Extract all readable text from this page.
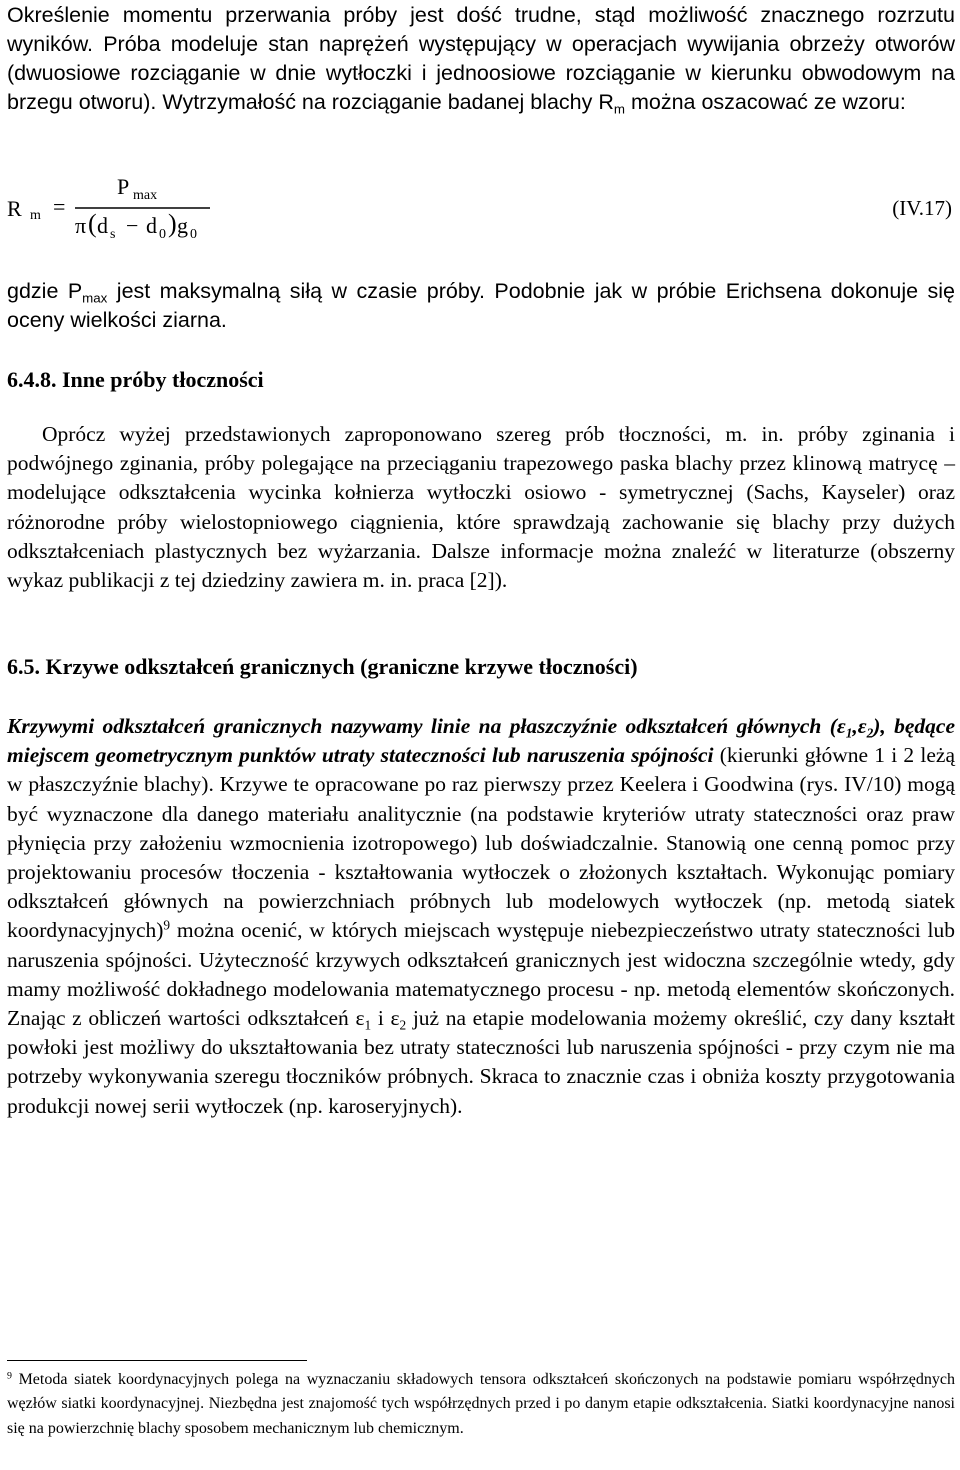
Określenie momentu przerwania próby jest dość trudne, stąd możliwość znacznego rozrzutu wyników. Próba modeluje stan naprężeń występujący w operacjach wywijania obrzeży otworów (dwuosiowe rozciąganie w dnie wytłoczki i jednoosiowe rozciąganie w kierunku obwodowym na brzegu otworu). Wytrzymałość na rozciąganie badanej blachy $R_m$ można oszacować ze wzoru:

R m =
P max
π ( d s − d 0 ) g 0
(IV.17)

gdzie $P_{max}$ jest maksymalną siłą w czasie próby. Podobnie jak w próbie Erichsena dokonuje się oceny wielkości ziarna.

6.4.8. Inne próby tłoczności

Oprócz wyżej przedstawionych zaproponowano szereg prób tłoczności, m. in. próby zginania i podwójnego zginania, próby polegające na przeciąganiu trapezowego paska blachy przez klinową matrycę – modelujące odkształcenia wycinka kołnierza wytłoczki osiowo - symetrycznej (Sachs, Kayseler) oraz różnorodne próby wielostopniowego ciągnienia, które sprawdzają zachowanie się blachy przy dużych odkształceniach plastycznych bez wyżarzania. Dalsze informacje można znaleźć w literaturze (obszerny wykaz publikacji z tej dziedziny zawiera m. in. praca [2]).

6.5. Krzywe odkształceń granicznych (graniczne krzywe tłoczności)

Krzywymi odkształceń granicznych nazywamy linie na płaszczyźnie odkształceń głównych $(\varepsilon_1,\varepsilon_2)$, będące miejscem geometrycznym punktów utraty stateczności lub naruszenia spójności (kierunki główne 1 i 2 leżą w płaszczyźnie blachy). Krzywe te opracowane po raz pierwszy przez Keelera i Goodwina (rys. IV/10) mogą być wyznaczone dla danego materiału analitycznie (na podstawie kryteriów utraty stateczności oraz praw płynięcia przy założeniu wzmocnienia izotropowego) lub doświadczalnie. Stanowią one cenną pomoc przy projektowaniu procesów tłoczenia - kształtowania wytłoczek o złożonych kształtach. Wykonując pomiary odkształceń głównych na powierzchniach próbnych lub modelowych wytłoczek (np. metodą siatek koordynacyjnych)$^9$ można ocenić, w których miejscach występuje niebezpieczeństwo utraty stateczności lub naruszenia spójności. Użyteczność krzywych odkształceń granicznych jest widoczna szczególnie wtedy, gdy mamy możliwość dokładnego modelowania matematycznego procesu - np. metodą elementów skończonych. Znając z obliczeń wartości odkształceń $\varepsilon_1$ i $\varepsilon_2$ już na etapie modelowania możemy określić, czy dany kształt powłoki jest możliwy do ukształtowania bez utraty stateczności lub naruszenia spójności - przy czym nie ma potrzeby wykonywania szeregu tłoczników próbnych. Skraca to znacznie czas i obniża koszty przygotowania produkcji nowej serii wytłoczek (np. karoseryjnych).

$^9$ Metoda siatek koordynacyjnych polega na wyznaczaniu składowych tensora odkształceń skończonych na podstawie pomiaru współrzędnych węzłów siatki koordynacyjnej. Niezbędna jest znajomość tych współrzędnych przed i po danym etapie odkształcenia. Siatki koordynacyjne nanosi się na powierzchnię blachy sposobem mechanicznym lub chemicznym.
